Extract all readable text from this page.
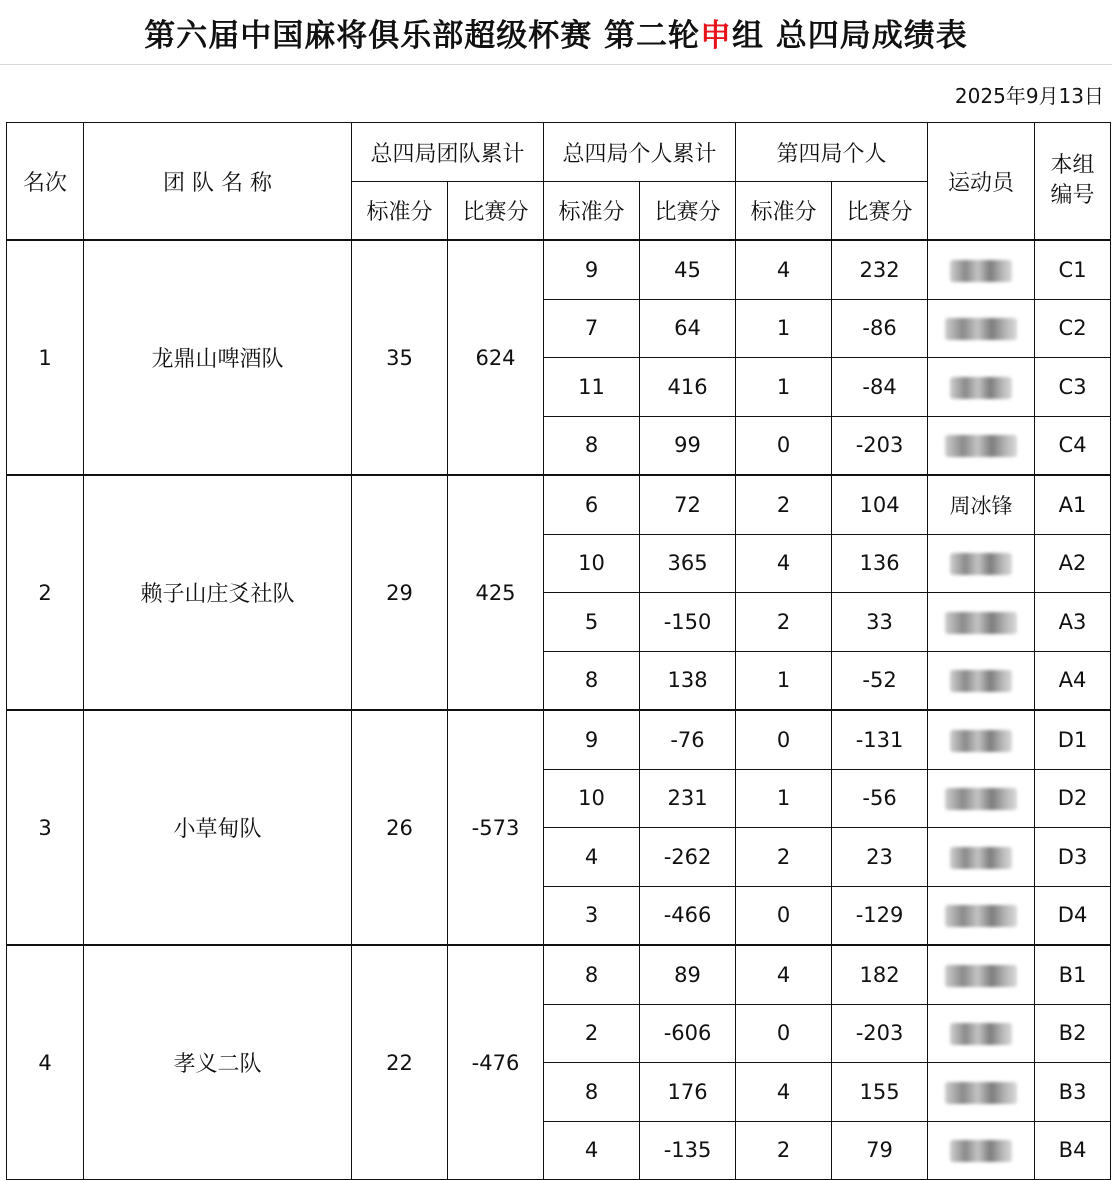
第六届中国麻将俱乐部超级杯赛 第二轮 申 组 总四局成绩表
2025年9月13日
名次	团 队 名 称	总四局团队累计		总四局个人累计		第四局个人		运动员	本组编号
		标准分	比赛分	标准分	比赛分	标准分	比赛分		
1	龙鼎山啤酒队	35	624	9	45	4	232		C1
				7	64	1	-86		C2
				11	416	1	-84		C3
				8	99	0	-203		C4
2	赖子山庄爻社队	29	425	6	72	2	104	周冰锋	A1
				10	365	4	136		A2
				5	-150	2	33		A3
				8	138	1	-52		A4
3	小草甸队	26	-573	9	-76	0	-131		D1
				10	231	1	-56		D2
				4	-262	2	23		D3
				3	-466	0	-129		D4
4	孝义二队	22	-476	8	89	4	182		B1
				2	-606	0	-203		B2
				8	176	4	155		B3
				4	-135	2	79		B4
